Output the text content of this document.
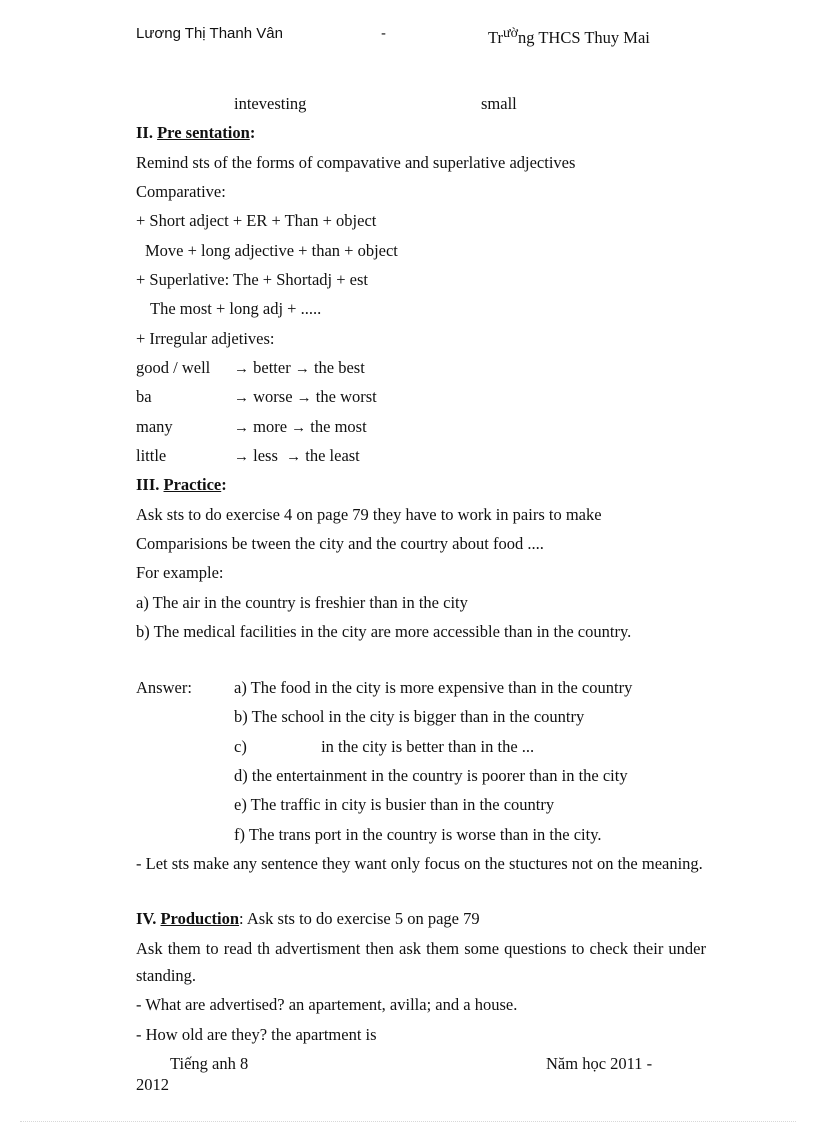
Lương Thị Thanh Vân	-	$Tr^{ườ}ng$ THCS Thuy Mai
intevesting	small
II. Pre sentation:
Remind sts of the forms of compavative and superlative adjectives
Comparative:
+ Short adject + ER + Than + object
Move + long adjective + than + object
+ Superlative: The + Shortadj + est
The most + long adj + .....
+ Irregular adjetives:
good / well → better → the best
ba	→ worse → the worst
many	→ more → the most
little	→ less → the least
III. Practice:
Ask sts to do exercise 4 on page 79 they have to work in pairs to make
Comparisions be tween the city and the courtry about food ....
For example:
a) The air in the country is freshier than in the city
b) The medical facilities in the city are more accessible than in the country.
Answer:	a) The food in the city is more expensive than in the country
b) The school in the city is bigger than in the country
c)                  in the city is better than in the ...
d) the entertainment in the country is poorer than in the city
e) The traffic in city is busier than in the country
f) The trans port in the country is worse than in the city.
- Let sts make any sentence they want only focus on the stuctures not on the meaning.
IV. Production: Ask sts to do exercise 5 on page 79
Ask them to read th advertisment then ask them some questions to check their under standing.
- What are advertised? an apartement, avilla; and a house.
- How old are they? the apartment is
Tiếng anh 8	Năm học 2011 -
2012
